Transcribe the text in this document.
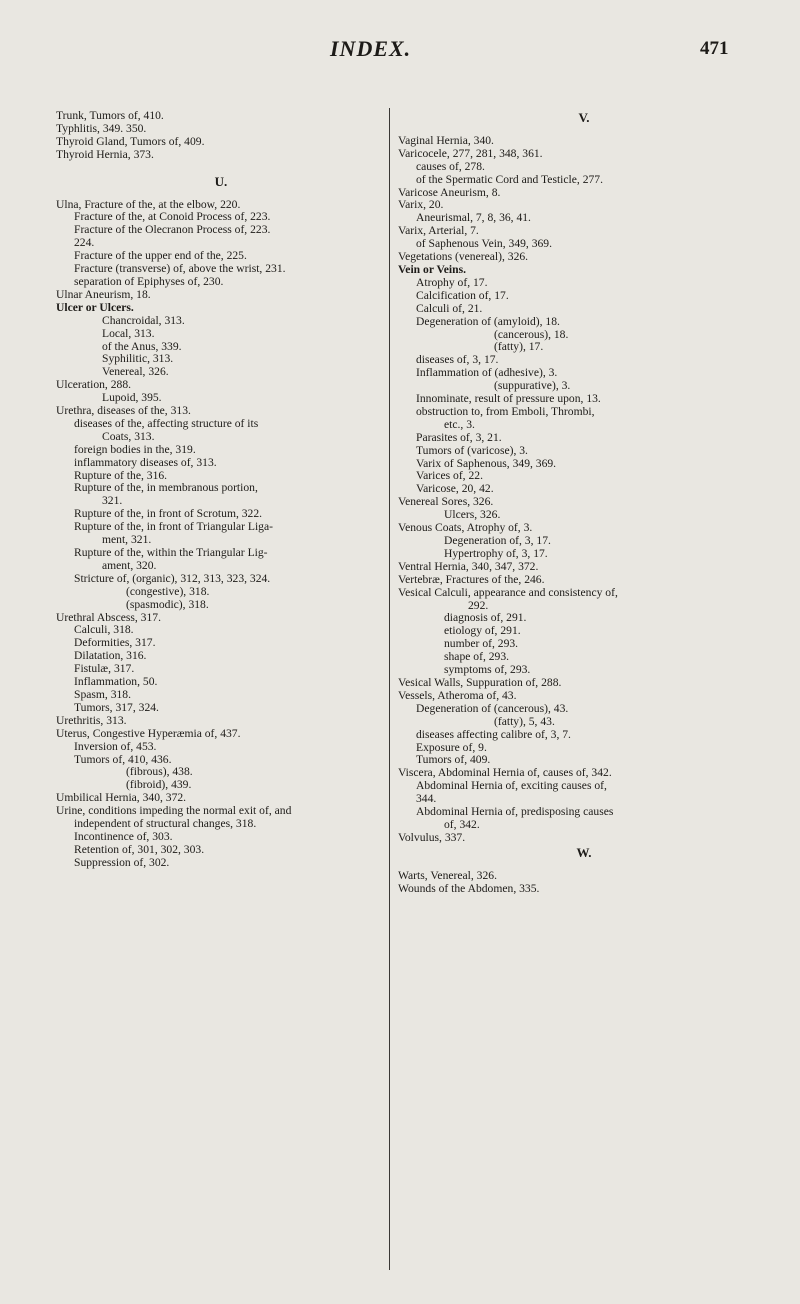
INDEX.	471
Trunk, Tumors of, 410.
Typhlitis, 349. 350.
Thyroid Gland, Tumors of, 409.
Thyroid Hernia, 373.
U.
Ulna, Fracture of the, at the elbow, 220.
Fracture of the, at Conoid Process of, 223.
Fracture of the Olecranon Process of, 223.
224.
Fracture of the upper end of the, 225.
Fracture (transverse) of, above the wrist, 231.
separation of Epiphyses of, 230.
Ulnar Aneurism, 18.
Ulcer or Ulcers.
Chancroidal, 313.
Local, 313.
of the Anus, 339.
Syphilitic, 313.
Venereal, 326.
Ulceration, 288.
Lupoid, 395.
Urethra, diseases of the, 313.
diseases of the, affecting structure of its
Coats, 313.
foreign bodies in the, 319.
inflammatory diseases of, 313.
Rupture of the, 316.
Rupture of the, in membranous portion,
321.
Rupture of the, in front of Scrotum, 322.
Rupture of the, in front of Triangular Liga-
ment, 321.
Rupture of the, within the Triangular Lig-
ament, 320.
Stricture of, (organic), 312, 313, 323, 324.
(congestive), 318.
(spasmodic), 318.
Urethral Abscess, 317.
Calculi, 318.
Deformities, 317.
Dilatation, 316.
Fistulæ, 317.
Inflammation, 50.
Spasm, 318.
Tumors, 317, 324.
Urethritis, 313.
Uterus, Congestive Hyperæmia of, 437.
Inversion of, 453.
Tumors of, 410, 436.
(fibrous), 438.
(fibroid), 439.
Umbilical Hernia, 340, 372.
Urine, conditions impeding the normal exit of, and
independent of structural changes, 318.
Incontinence of, 303.
Retention of, 301, 302, 303.
Suppression of, 302.
V.
Vaginal Hernia, 340.
Varicocele, 277, 281, 348, 361.
causes of, 278.
of the Spermatic Cord and Testicle, 277.
Varicose Aneurism, 8.
Varix, 20.
Aneurismal, 7, 8, 36, 41.
Varix, Arterial, 7.
of Saphenous Vein, 349, 369.
Vegetations (venereal), 326.
Vein or Veins.
Atrophy of, 17.
Calcification of, 17.
Calculi of, 21.
Degeneration of (amyloid), 18.
(cancerous), 18.
(fatty), 17.
diseases of, 3, 17.
Inflammation of (adhesive), 3.
(suppurative), 3.
Innominate, result of pressure upon, 13.
obstruction to, from Emboli, Thrombi,
etc., 3.
Parasites of, 3, 21.
Tumors of (varicose), 3.
Varix of Saphenous, 349, 369.
Varices of, 22.
Varicose, 20, 42.
Venereal Sores, 326.
Ulcers, 326.
Venous Coats, Atrophy of, 3.
Degeneration of, 3, 17.
Hypertrophy of, 3, 17.
Ventral Hernia, 340, 347, 372.
Vertebræ, Fractures of the, 246.
Vesical Calculi, appearance and consistency of,
292.
diagnosis of, 291.
etiology of, 291.
number of, 293.
shape of, 293.
symptoms of, 293.
Vesical Walls, Suppuration of, 288.
Vessels, Atheroma of, 43.
Degeneration of (cancerous), 43.
(fatty), 5, 43.
diseases affecting calibre of, 3, 7.
Exposure of, 9.
Tumors of, 409.
Viscera, Abdominal Hernia of, causes of, 342.
Abdominal Hernia of, exciting causes of,
344.
Abdominal Hernia of, predisposing causes
of, 342.
Volvulus, 337.
W.
Warts, Venereal, 326.
Wounds of the Abdomen, 335.
